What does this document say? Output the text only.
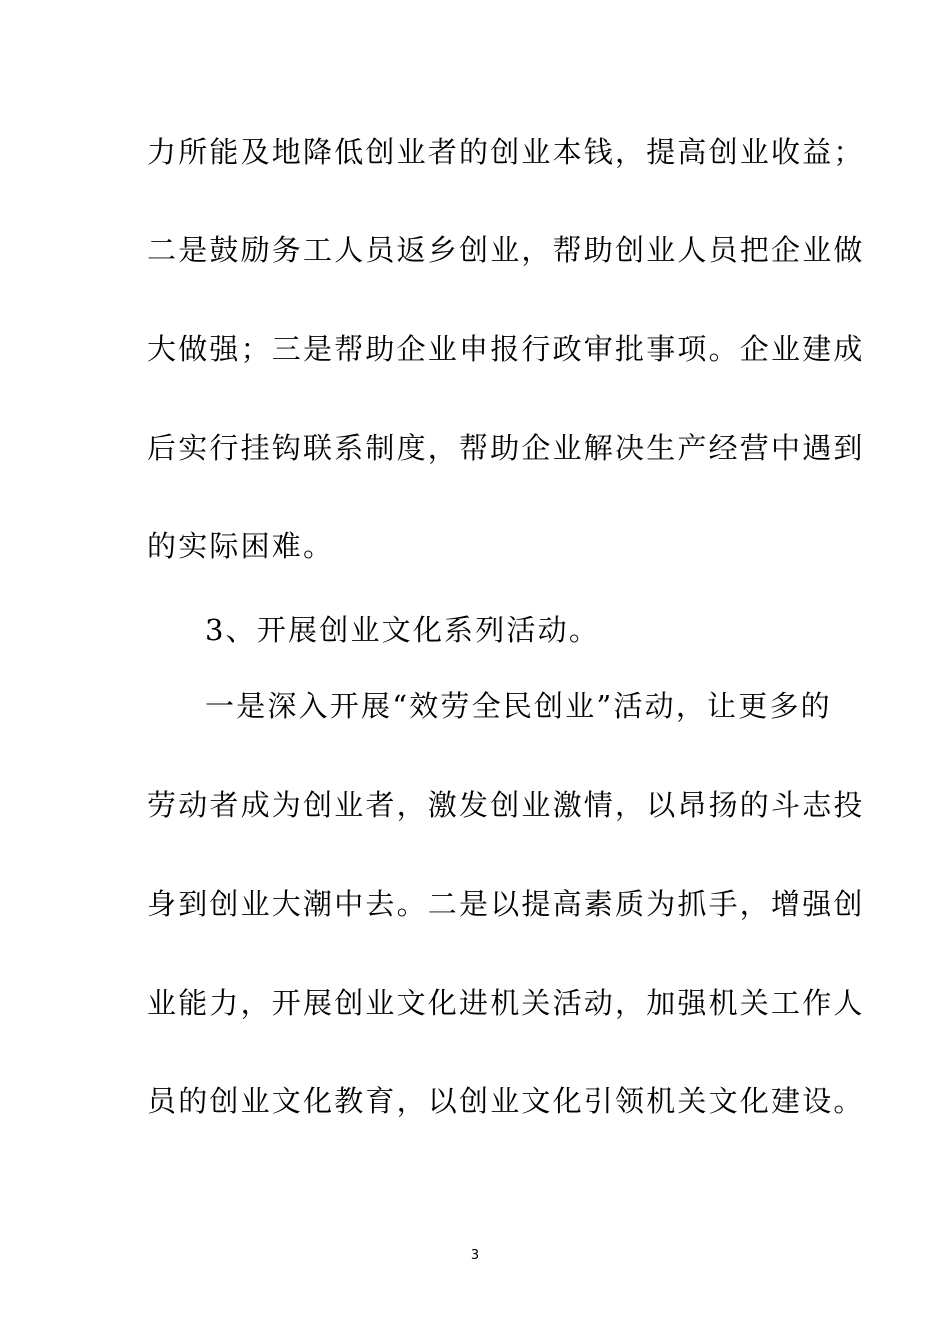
力所能及地降低创业者的创业本钱，提高创业收益；
二是鼓励务工人员返乡创业，帮助创业人员把企业做
大做强；三是帮助企业申报行政审批事项。企业建成
后实行挂钩联系制度，帮助企业解决生产经营中遇到
的实际困难。
3、开展创业文化系列活动。
一是深入开展“效劳全民创业”活动，让更多的
劳动者成为创业者，激发创业激情，以昂扬的斗志投
身到创业大潮中去。二是以提高素质为抓手，增强创
业能力，开展创业文化进机关活动，加强机关工作人
员的创业文化教育，以创业文化引领机关文化建设。
3
